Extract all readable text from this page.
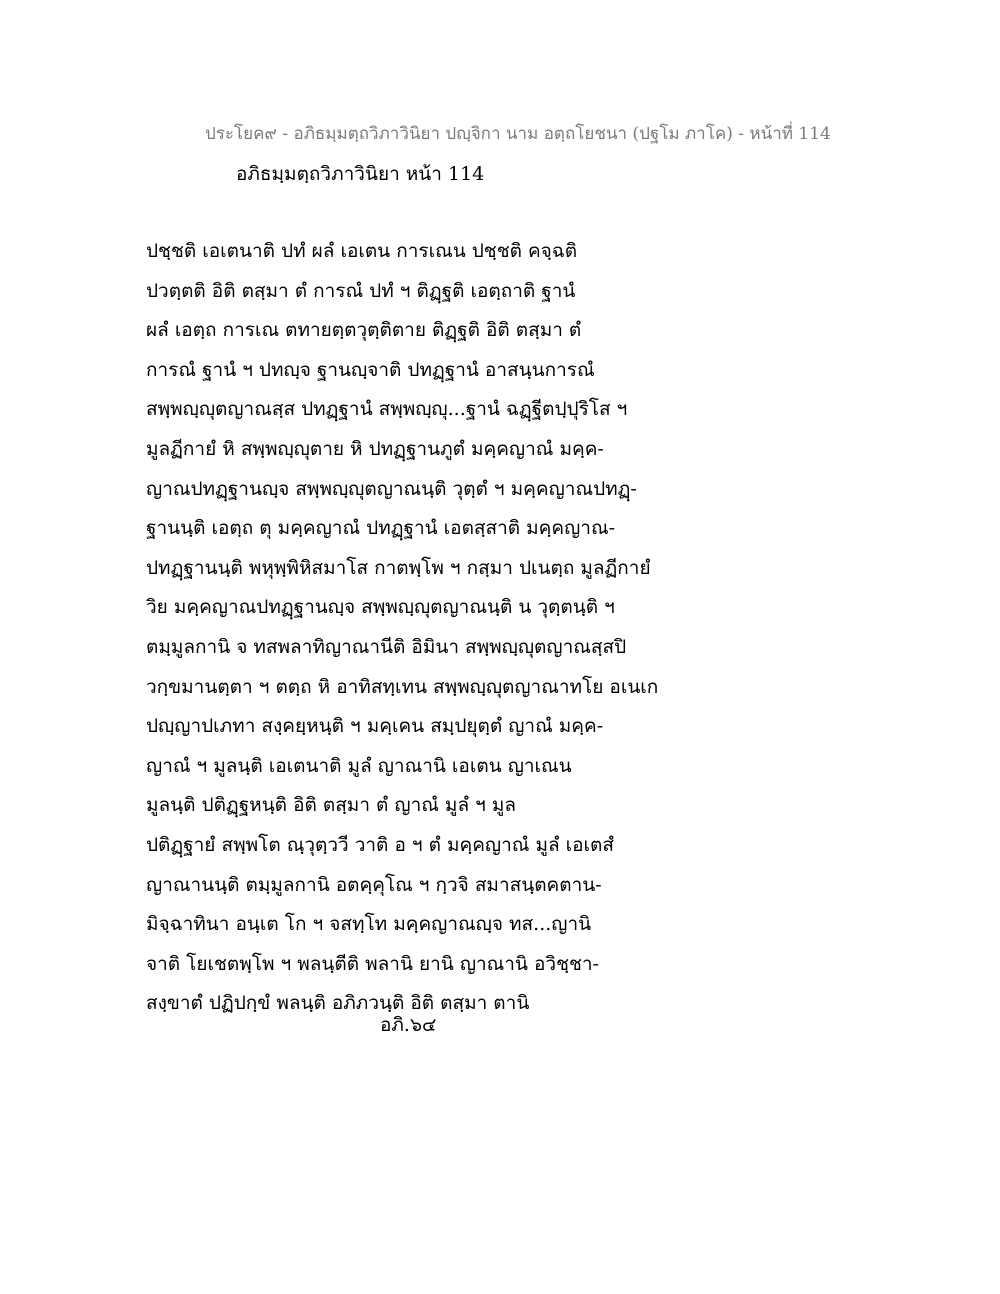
ประโยค๙ - อภิธมฺมตฺถวิภาวินิยา ปญฺจิกา นาม อตฺถโยชนา (ปฐโม ภาโค) - หน้าที่ 114
อภิธมฺมตฺถวิภาวินิยา หน้า 114
ปชฺชติ เอเตนาติ ปทํ ผลํ เอเตน การเณน ปชฺชติ คจฺฉติ
ปวตฺตติ อิติ ตสฺมา ตํ การณํ ปทํ ฯ ติฏฺฐติ เอตฺถาติ ฐานํ
ผลํ เอตฺถ การเณ ตทายตฺตวุตฺติตาย ติฏฺฐติ อิติ ตสฺมา ตํ
การณํ ฐานํ ฯ ปทญฺจ ฐานญฺจาติ ปทฏฺฐานํ อาสนฺนการณํ
สพฺพญฺญุตญาณสฺส ปทฏฺฐานํ สพฺพญฺญุ...ฐานํ ฉฏฺฐีตปฺปุริโส ฯ
มูลฏีกายํ หิ สพฺพญฺญุตาย หิ ปทฏฺฐานภูตํ มคฺคญาณํ มคฺค-
ญาณปทฏฺฐานญฺจ สพฺพญฺญุตญาณนฺติ วุตฺตํ ฯ มคฺคญาณปทฏฺ-
ฐานนฺติ เอตฺถ ตุ มคฺคญาณํ ปทฏฺฐานํ เอตสฺสาติ มคฺคญาณ-
ปทฏฺฐานนฺติ พหุพฺพิหิสมาโส กาตพฺโพ ฯ กสฺมา ปเนตฺถ มูลฏีกายํ
วิย มคฺคญาณปทฏฺฐานญฺจ สพฺพญฺญุตญาณนฺติ น วุตฺตนฺติ ฯ
ตมฺมูลกานิ จ ทสพลาทิญาณานีติ อิมินา สพฺพญฺญุตญาณสฺสปิ
วกฺขมานตฺตา ฯ ตตฺถ หิ อาทิสทฺเทน สพฺพญฺญุตญาณาทโย อเนเก
ปญฺญาปเภทา สงฺคยฺหนฺติ ฯ มคฺเคน สมฺปยุตฺตํ ญาณํ มคฺค-
ญาณํ ฯ มูลนฺติ เอเตนาติ มูลํ ญาณานิ เอเตน ญาเณน
มูลนฺติ ปติฏฺฐหนฺติ อิติ ตสฺมา ตํ ญาณํ มูลํ ฯ มูล
ปติฏฺฐายํ สพฺพโต ณฺวุตฺววี วาติ อ ฯ ตํ มคฺคญาณํ มูลํ เอเตสํ
ญาณานนฺติ ตมฺมูลกานิ อตคฺคุโณ ฯ กฺวจิ สมาสนฺตคตาน-
มิจฺฉาทินา อนฺเต โก ฯ จสทฺโท มคฺคญาณญฺจ ทส...ญานิ
จาติ โยเชตพฺโพ ฯ พลนฺตีติ พลานิ ยานิ ญาณานิ อวิชฺชา-
สงฺขาตํ ปฏิปกฺขํ พลนฺติ อภิภวนฺติ อิติ ตสฺมา ตานิ
อภิ.๖๔
